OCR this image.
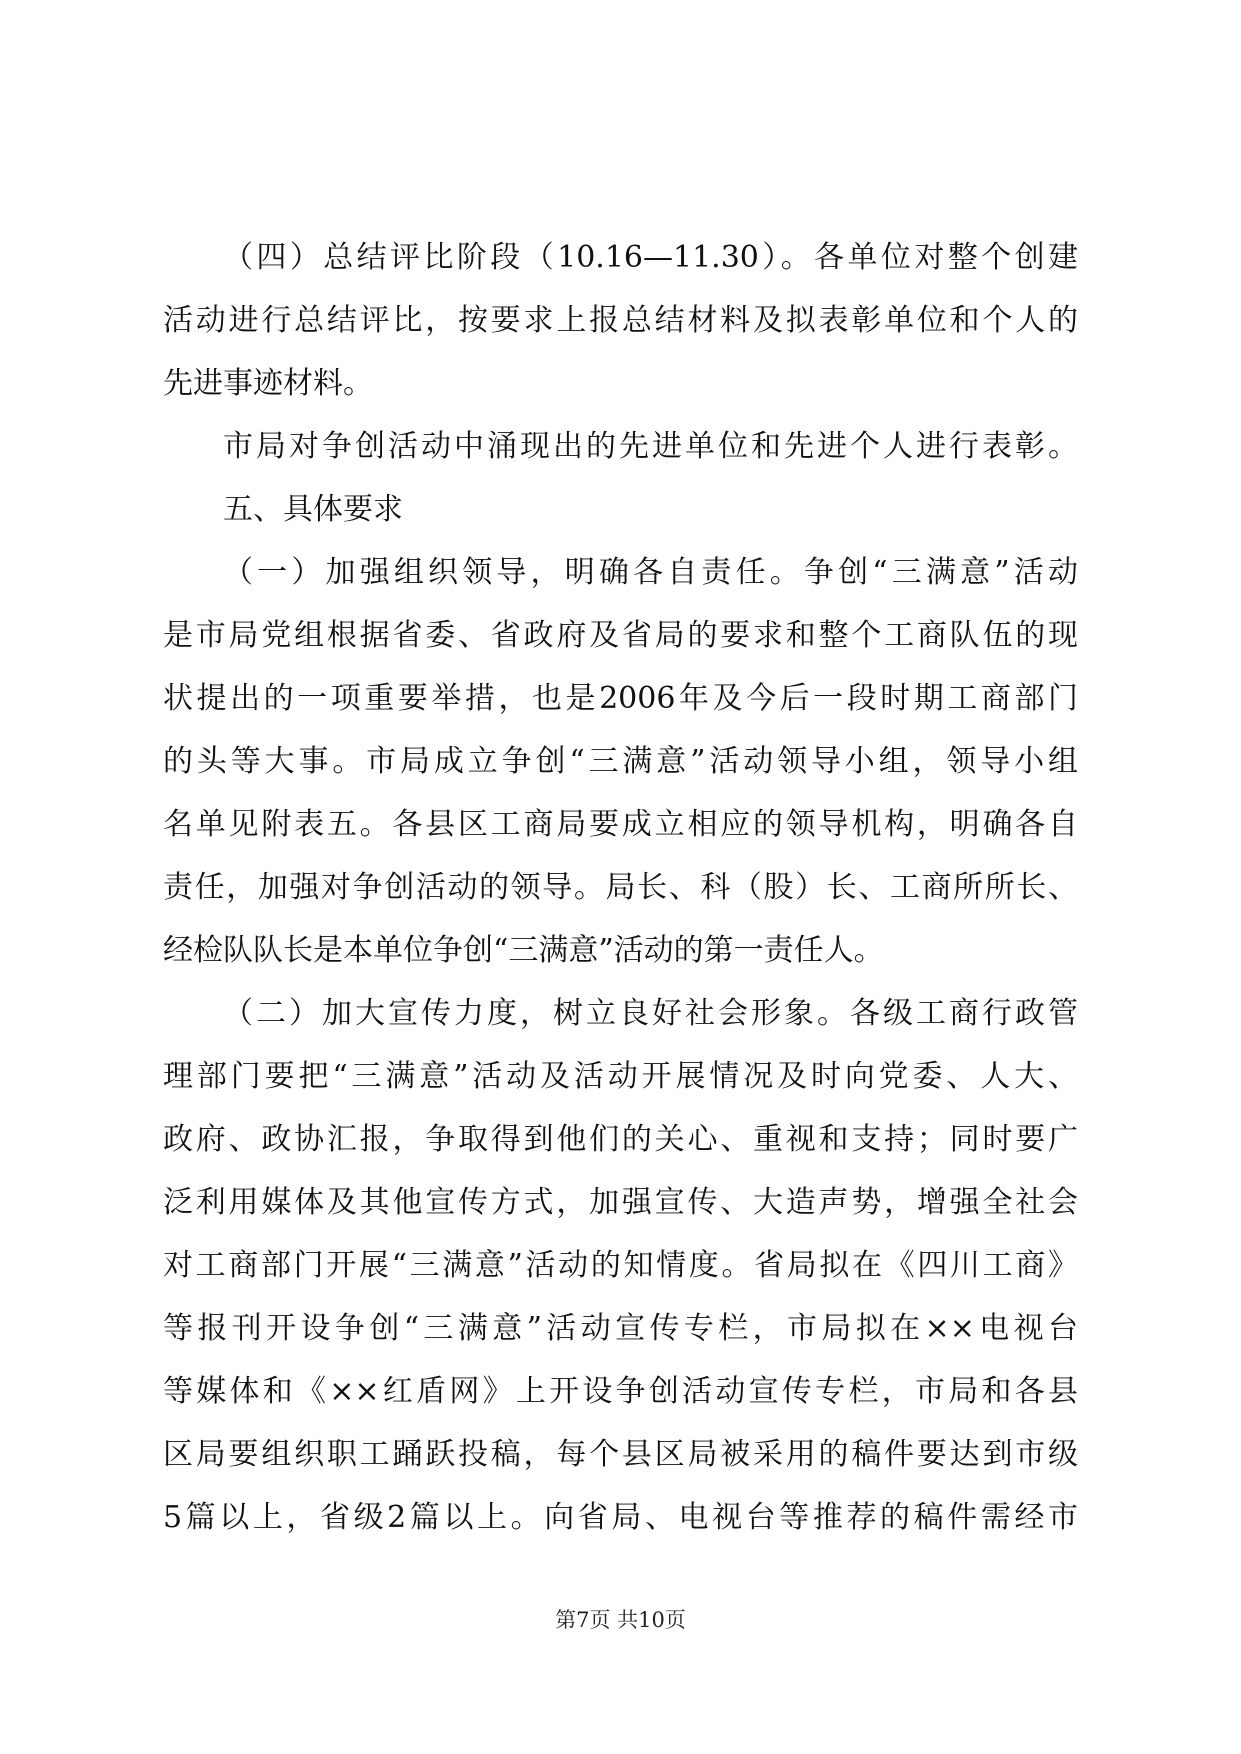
（四）总结评比阶段（10.16—11.30）。各单位对整个创建
活动进行总结评比，按要求上报总结材料及拟表彰单位和个人的
先进事迹材料。
市局对争创活动中涌现出的先进单位和先进个人进行表彰。
五、具体要求
（一）加强组织领导，明确各自责任。争创“三满意”活动
是市局党组根据省委、省政府及省局的要求和整个工商队伍的现
状提出的一项重要举措，也是2006年及今后一段时期工商部门
的头等大事。市局成立争创“三满意”活动领导小组，领导小组
名单见附表五。各县区工商局要成立相应的领导机构，明确各自
责任，加强对争创活动的领导。局长、科（股）长、工商所所长、
经检队队长是本单位争创“三满意”活动的第一责任人。
（二）加大宣传力度，树立良好社会形象。各级工商行政管
理部门要把“三满意”活动及活动开展情况及时向党委、人大、
政府、政协汇报，争取得到他们的关心、重视和支持；同时要广
泛利用媒体及其他宣传方式，加强宣传、大造声势，增强全社会
对工商部门开展“三满意”活动的知情度。省局拟在《四川工商》
等报刊开设争创“三满意”活动宣传专栏，市局拟在××电视台
等媒体和《××红盾网》上开设争创活动宣传专栏，市局和各县
区局要组织职工踊跃投稿，每个县区局被采用的稿件要达到市级
5篇以上，省级2篇以上。向省局、电视台等推荐的稿件需经市
第7页 共10页
